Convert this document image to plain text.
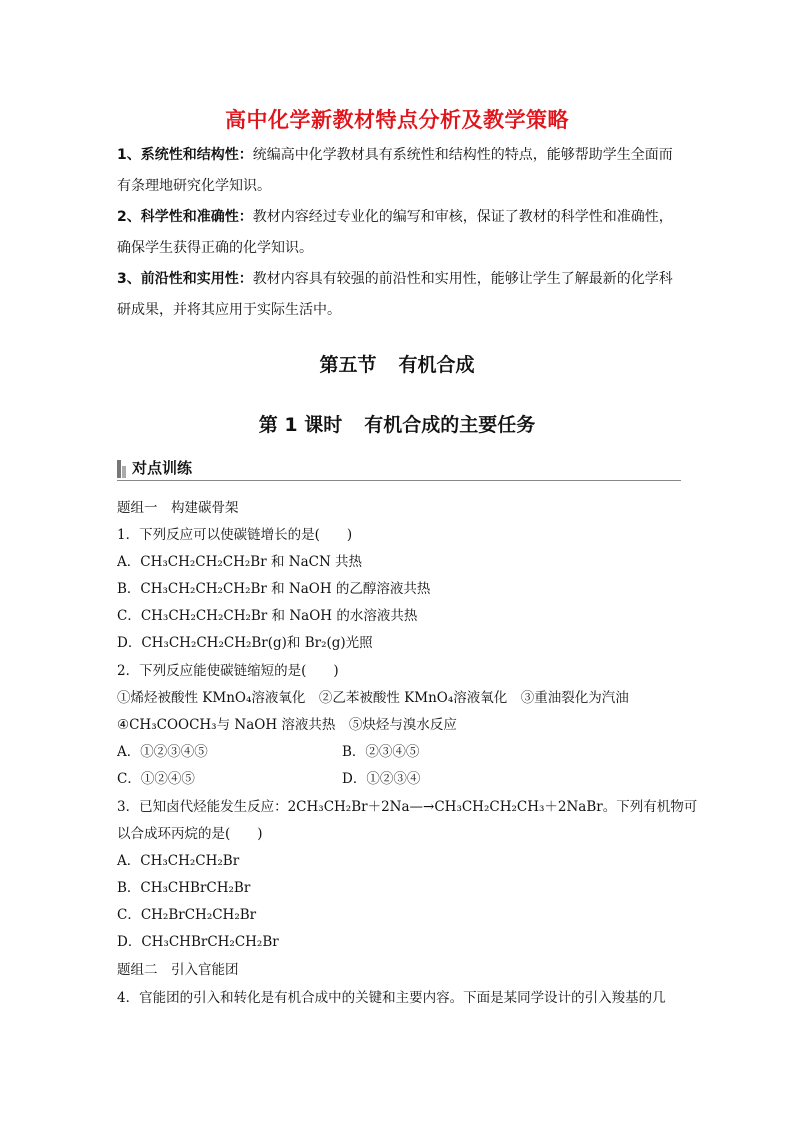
高中化学新教材特点分析及教学策略
1、系统性和结构性：统编高中化学教材具有系统性和结构性的特点，能够帮助学生全面而
有条理地研究化学知识。
2、科学性和准确性：教材内容经过专业化的编写和审核，保证了教材的科学性和准确性，
确保学生获得正确的化学知识。
3、前沿性和实用性：教材内容具有较强的前沿性和实用性，能够让学生了解最新的化学科
研成果，并将其应用于实际生活中。
第五节 有机合成
第 1 课时 有机合成的主要任务
对点训练
题组一　构建碳骨架
1．下列反应可以使碳链增长的是(　　)
A．CH₃CH₂CH₂CH₂Br 和 NaCN 共热
B．CH₃CH₂CH₂CH₂Br 和 NaOH 的乙醇溶液共热
C．CH₃CH₂CH₂CH₂Br 和 NaOH 的水溶液共热
D．CH₃CH₂CH₂CH₂Br(g)和 Br₂(g)光照
2．下列反应能使碳链缩短的是(　　)
①烯烃被酸性 KMnO₄溶液氧化　②乙苯被酸性 KMnO₄溶液氧化　③重油裂化为汽油
④CH₃COOCH₃与 NaOH 溶液共热　⑤炔烃与溴水反应
A．①②③④⑤	B．②③④⑤
C．①②④⑤	D．①②③④
3．已知卤代烃能发生反应：2CH₃CH₂Br＋2Na—→CH₃CH₂CH₂CH₃＋2NaBr。下列有机物可
以合成环丙烷的是(　　)
A．CH₃CH₂CH₂Br
B．CH₃CHBrCH₂Br
C．CH₂BrCH₂CH₂Br
D．CH₃CHBrCH₂CH₂Br
题组二　引入官能团
4．官能团的引入和转化是有机合成中的关键和主要内容。下面是某同学设计的引入羧基的几
